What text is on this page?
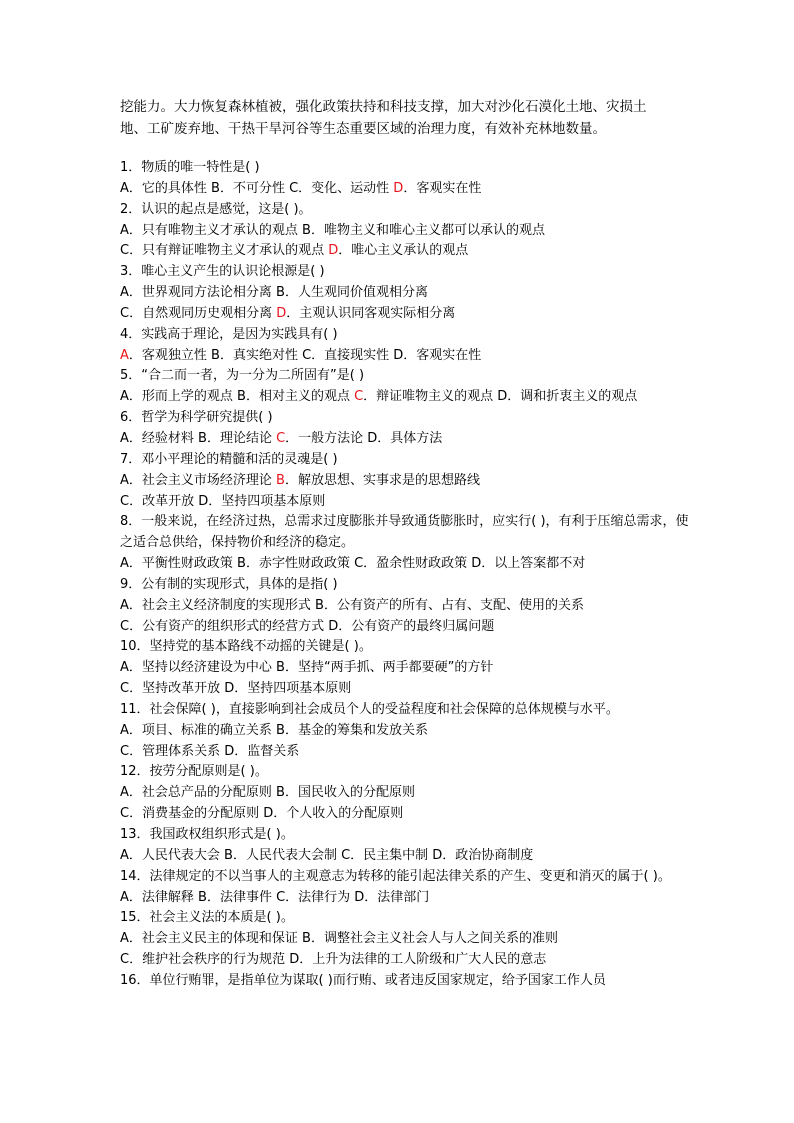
挖能力。大力恢复森林植被，强化政策扶持和科技支撑，加大对沙化石漠化土地、灾损土

地、工矿废弃地、干热干旱河谷等生态重要区域的治理力度，有效补充林地数量。

1．物质的唯一特性是( )
A．它的具体性 B．不可分性 C．变化、运动性 D．客观实在性
2．认识的起点是感觉，这是( )。
A．只有唯物主义才承认的观点 B．唯物主义和唯心主义都可以承认的观点
C．只有辩证唯物主义才承认的观点 D．唯心主义承认的观点
3．唯心主义产生的认识论根源是( )
A．世界观同方法论相分离 B．人生观同价值观相分离
C．自然观同历史观相分离 D．主观认识同客观实际相分离
4．实践高于理论，是因为实践具有( )
A．客观独立性 B．真实绝对性 C．直接现实性 D．客观实在性
5．“合二而一者，为一分为二所固有”是( )
A．形而上学的观点 B．相对主义的观点 C．辩证唯物主义的观点 D．调和折衷主义的观点
6．哲学为科学研究提供( )
A．经验材料 B．理论结论 C．一般方法论 D．具体方法
7．邓小平理论的精髓和活的灵魂是( )
A．社会主义市场经济理论 B．解放思想、实事求是的思想路线
C．改革开放 D．坚持四项基本原则
8．一般来说，在经济过热，总需求过度膨胀并导致通货膨胀时，应实行( )，有利于压缩总需求，使之适合总供给，保持物价和经济的稳定。
A．平衡性财政政策 B．赤字性财政政策 C．盈余性财政政策 D．以上答案都不对
9．公有制的实现形式，具体的是指( )
A．社会主义经济制度的实现形式 B．公有资产的所有、占有、支配、使用的关系
C．公有资产的组织形式的经营方式 D．公有资产的最终归属问题
10．坚持党的基本路线不动摇的关键是( )。
A．坚持以经济建设为中心 B．坚持“两手抓、两手都要硬”的方针
C．坚持改革开放 D．坚持四项基本原则
11．社会保障( )，直接影响到社会成员个人的受益程度和社会保障的总体规模与水平。
A．项目、标准的确立关系 B．基金的筹集和发放关系
C．管理体系关系 D．监督关系
12．按劳分配原则是( )。
A．社会总产品的分配原则 B．国民收入的分配原则
C．消费基金的分配原则 D．个人收入的分配原则
13．我国政权组织形式是( )。
A．人民代表大会 B．人民代表大会制 C．民主集中制 D．政治协商制度
14．法律规定的不以当事人的主观意志为转移的能引起法律关系的产生、变更和消灭的属于( )。
A．法律解释 B．法律事件 C．法律行为 D．法律部门
15．社会主义法的本质是( )。
A．社会主义民主的体现和保证 B．调整社会主义社会人与人之间关系的准则
C．维护社会秩序的行为规范 D．上升为法律的工人阶级和广大人民的意志
16．单位行贿罪，是指单位为谋取( )而行贿、或者违反国家规定，给予国家工作人员
